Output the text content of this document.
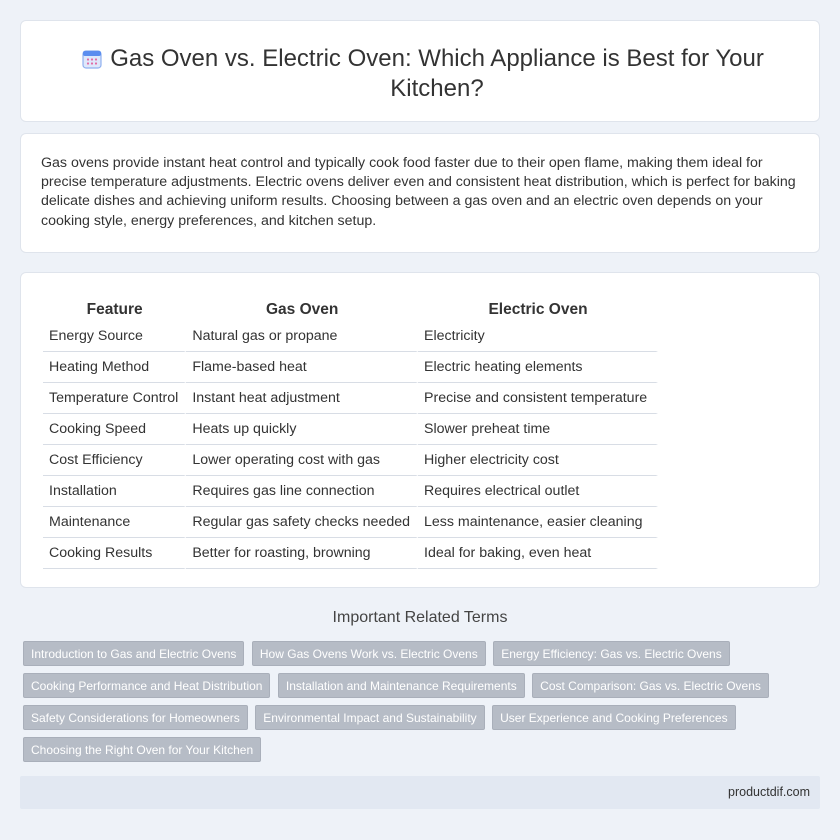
Gas Oven vs. Electric Oven: Which Appliance is Best for Your Kitchen?

Gas ovens provide instant heat control and typically cook food faster due to their open flame, making them ideal for precise temperature adjustments. Electric ovens deliver even and consistent heat distribution, which is perfect for baking delicate dishes and achieving uniform results. Choosing between a gas oven and an electric oven depends on your cooking style, energy preferences, and kitchen setup.

Feature	Gas Oven	Electric Oven
Energy Source	Natural gas or propane	Electricity
Heating Method	Flame-based heat	Electric heating elements
Temperature Control	Instant heat adjustment	Precise and consistent temperature
Cooking Speed	Heats up quickly	Slower preheat time
Cost Efficiency	Lower operating cost with gas	Higher electricity cost
Installation	Requires gas line connection	Requires electrical outlet
Maintenance	Regular gas safety checks needed	Less maintenance, easier cleaning
Cooking Results	Better for roasting, browning	Ideal for baking, even heat
Important Related Terms
Introduction to Gas and Electric Ovens How Gas Ovens Work vs. Electric Ovens Energy Efficiency: Gas vs. Electric Ovens Cooking Performance and Heat Distribution Installation and Maintenance Requirements Cost Comparison: Gas vs. Electric Ovens Safety Considerations for Homeowners Environmental Impact and Sustainability User Experience and Cooking Preferences Choosing the Right Oven for Your Kitchen
productdif.com
